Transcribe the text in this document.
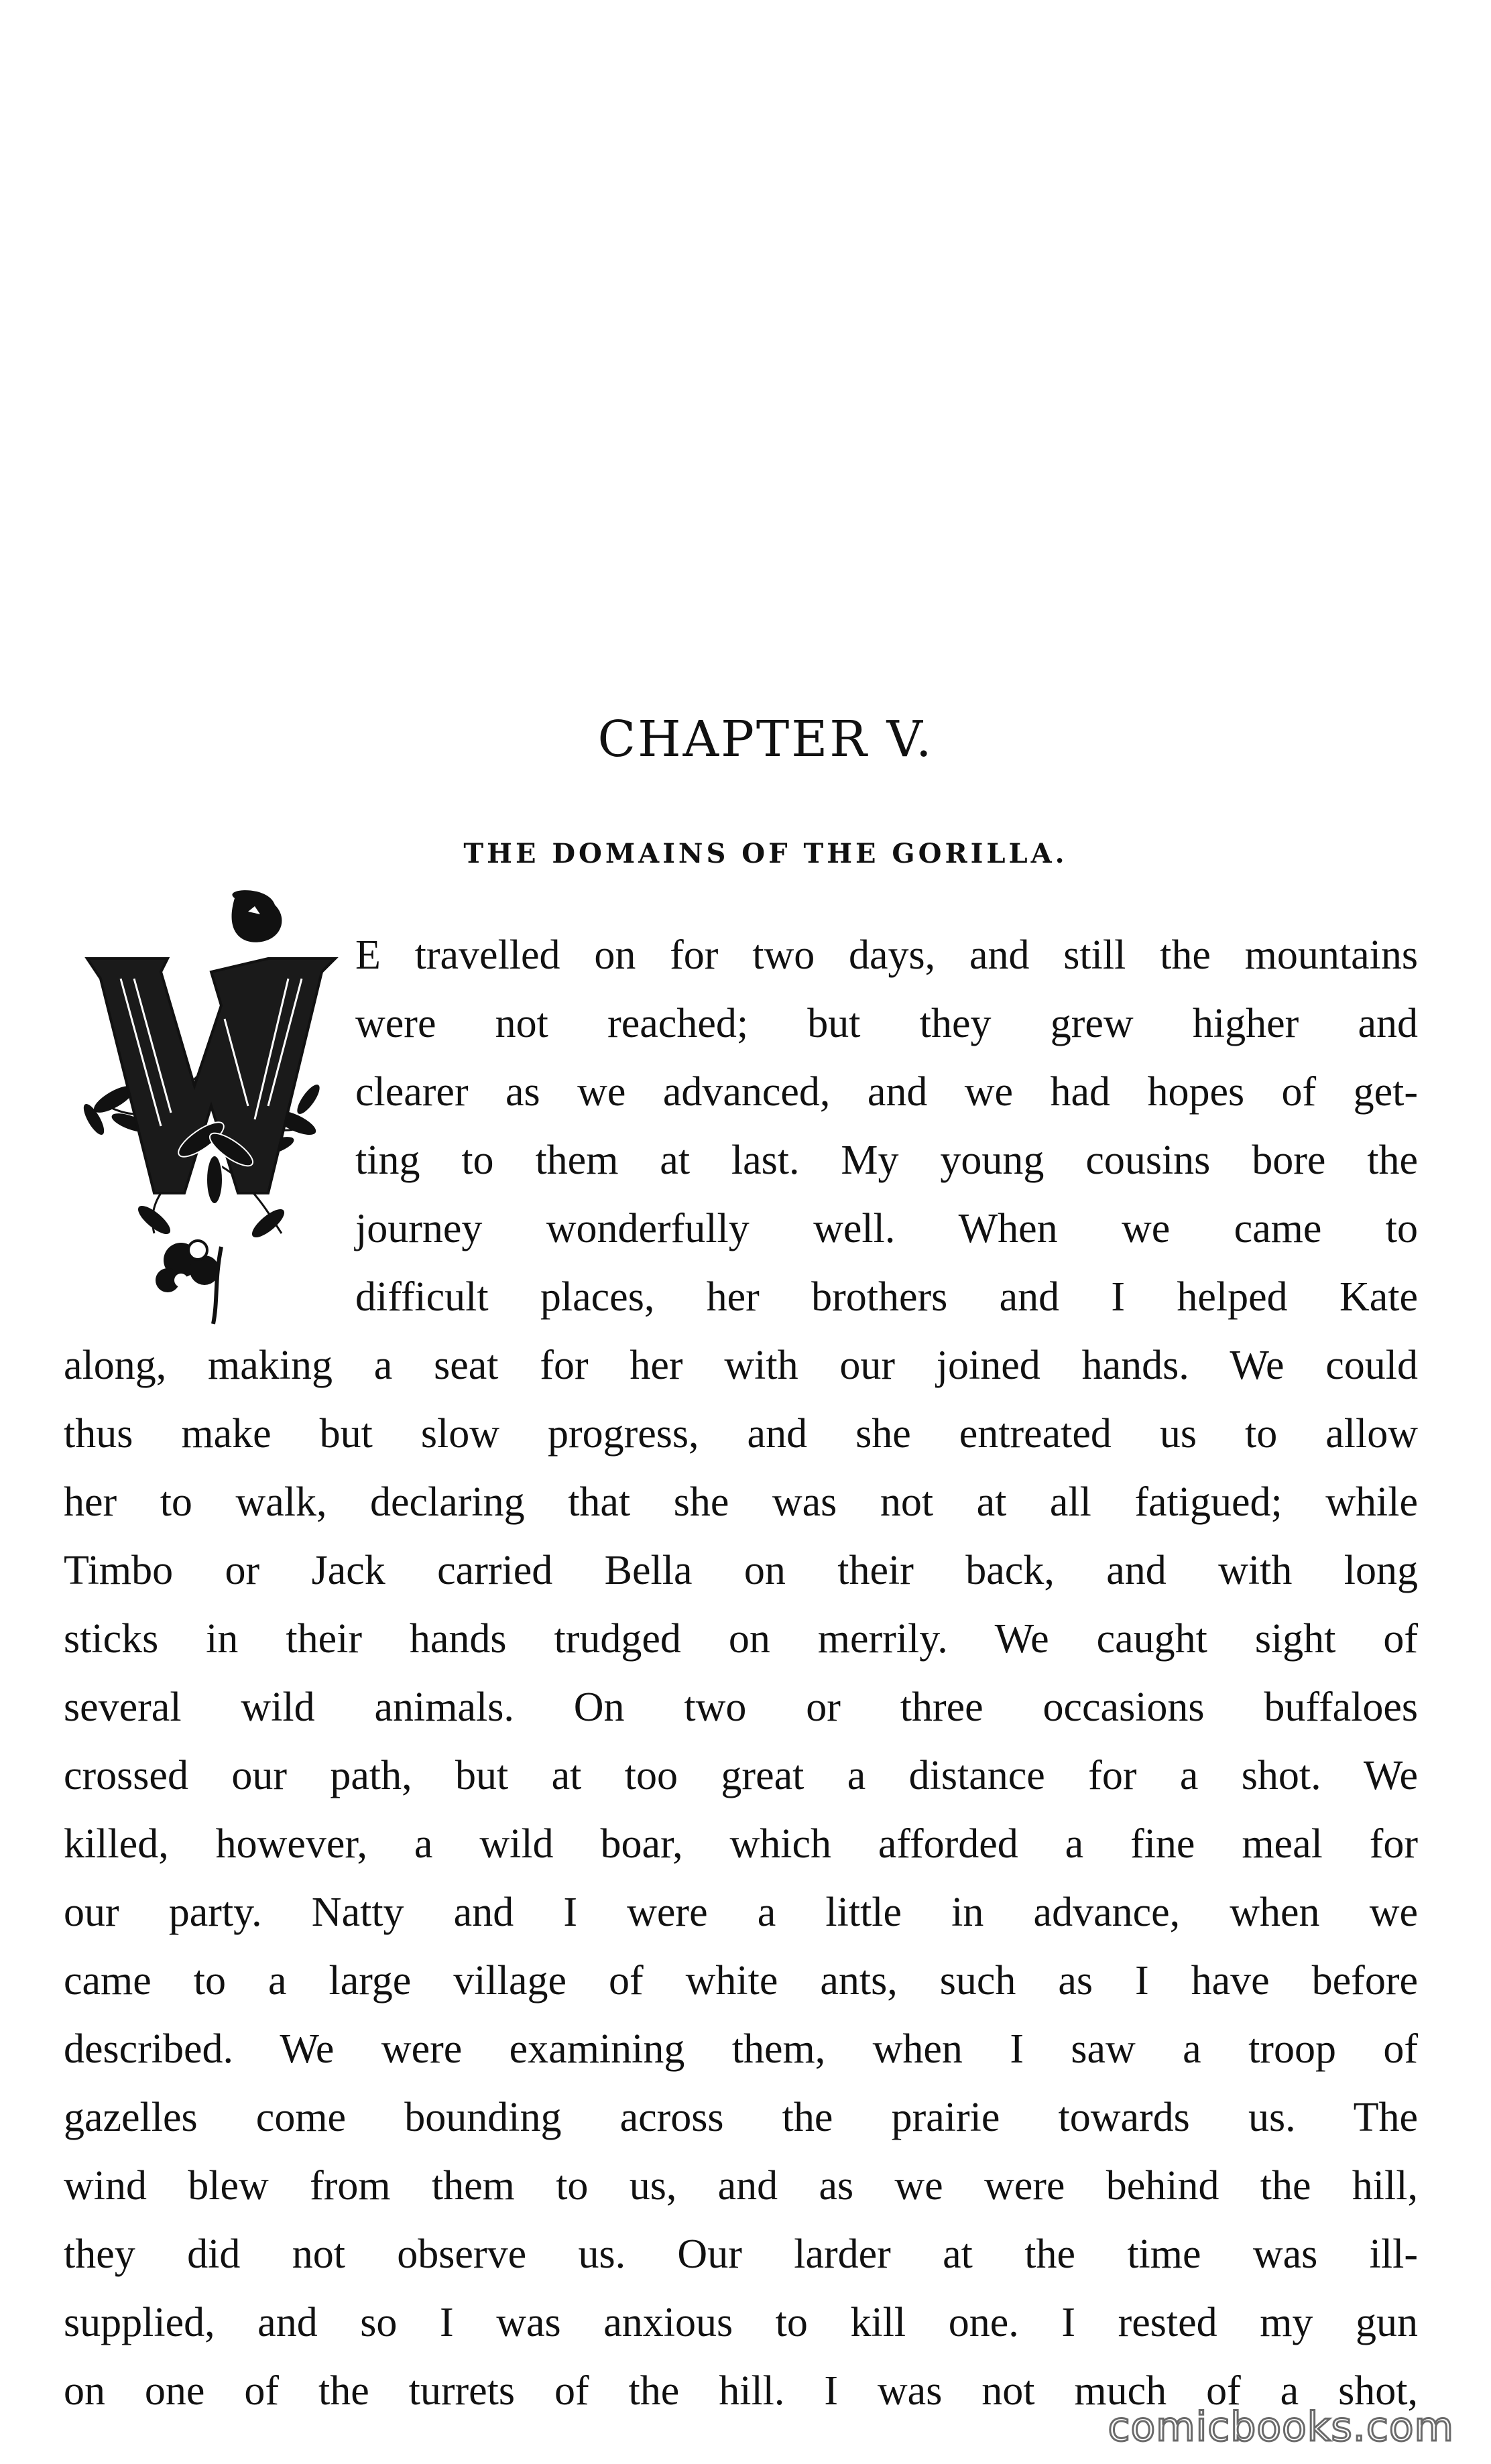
CHAPTER V.
THE DOMAINS OF THE GORILLA.
E travelled on for two days, and still the mountains
were not reached; but they grew higher and
clearer as we advanced, and we had hopes of get-
ting to them at last. My young cousins bore the
journey wonderfully well. When we came to
difficult places, her brothers and I helped Kate
along, making a seat for her with our joined hands. We could
thus make but slow progress, and she entreated us to allow
her to walk, declaring that she was not at all fatigued; while
Timbo or Jack carried Bella on their back, and with long
sticks in their hands trudged on merrily. We caught sight of
several wild animals. On two or three occasions buffaloes
crossed our path, but at too great a distance for a shot. We
killed, however, a wild boar, which afforded a fine meal for
our party. Natty and I were a little in advance, when we
came to a large village of white ants, such as I have before
described. We were examining them, when I saw a troop of
gazelles come bounding across the prairie towards us. The
wind blew from them to us, and as we were behind the hill,
they did not observe us. Our larder at the time was ill-
supplied, and so I was anxious to kill one. I rested my gun
on one of the turrets of the hill. I was not much of a shot,
comicbooks.com
